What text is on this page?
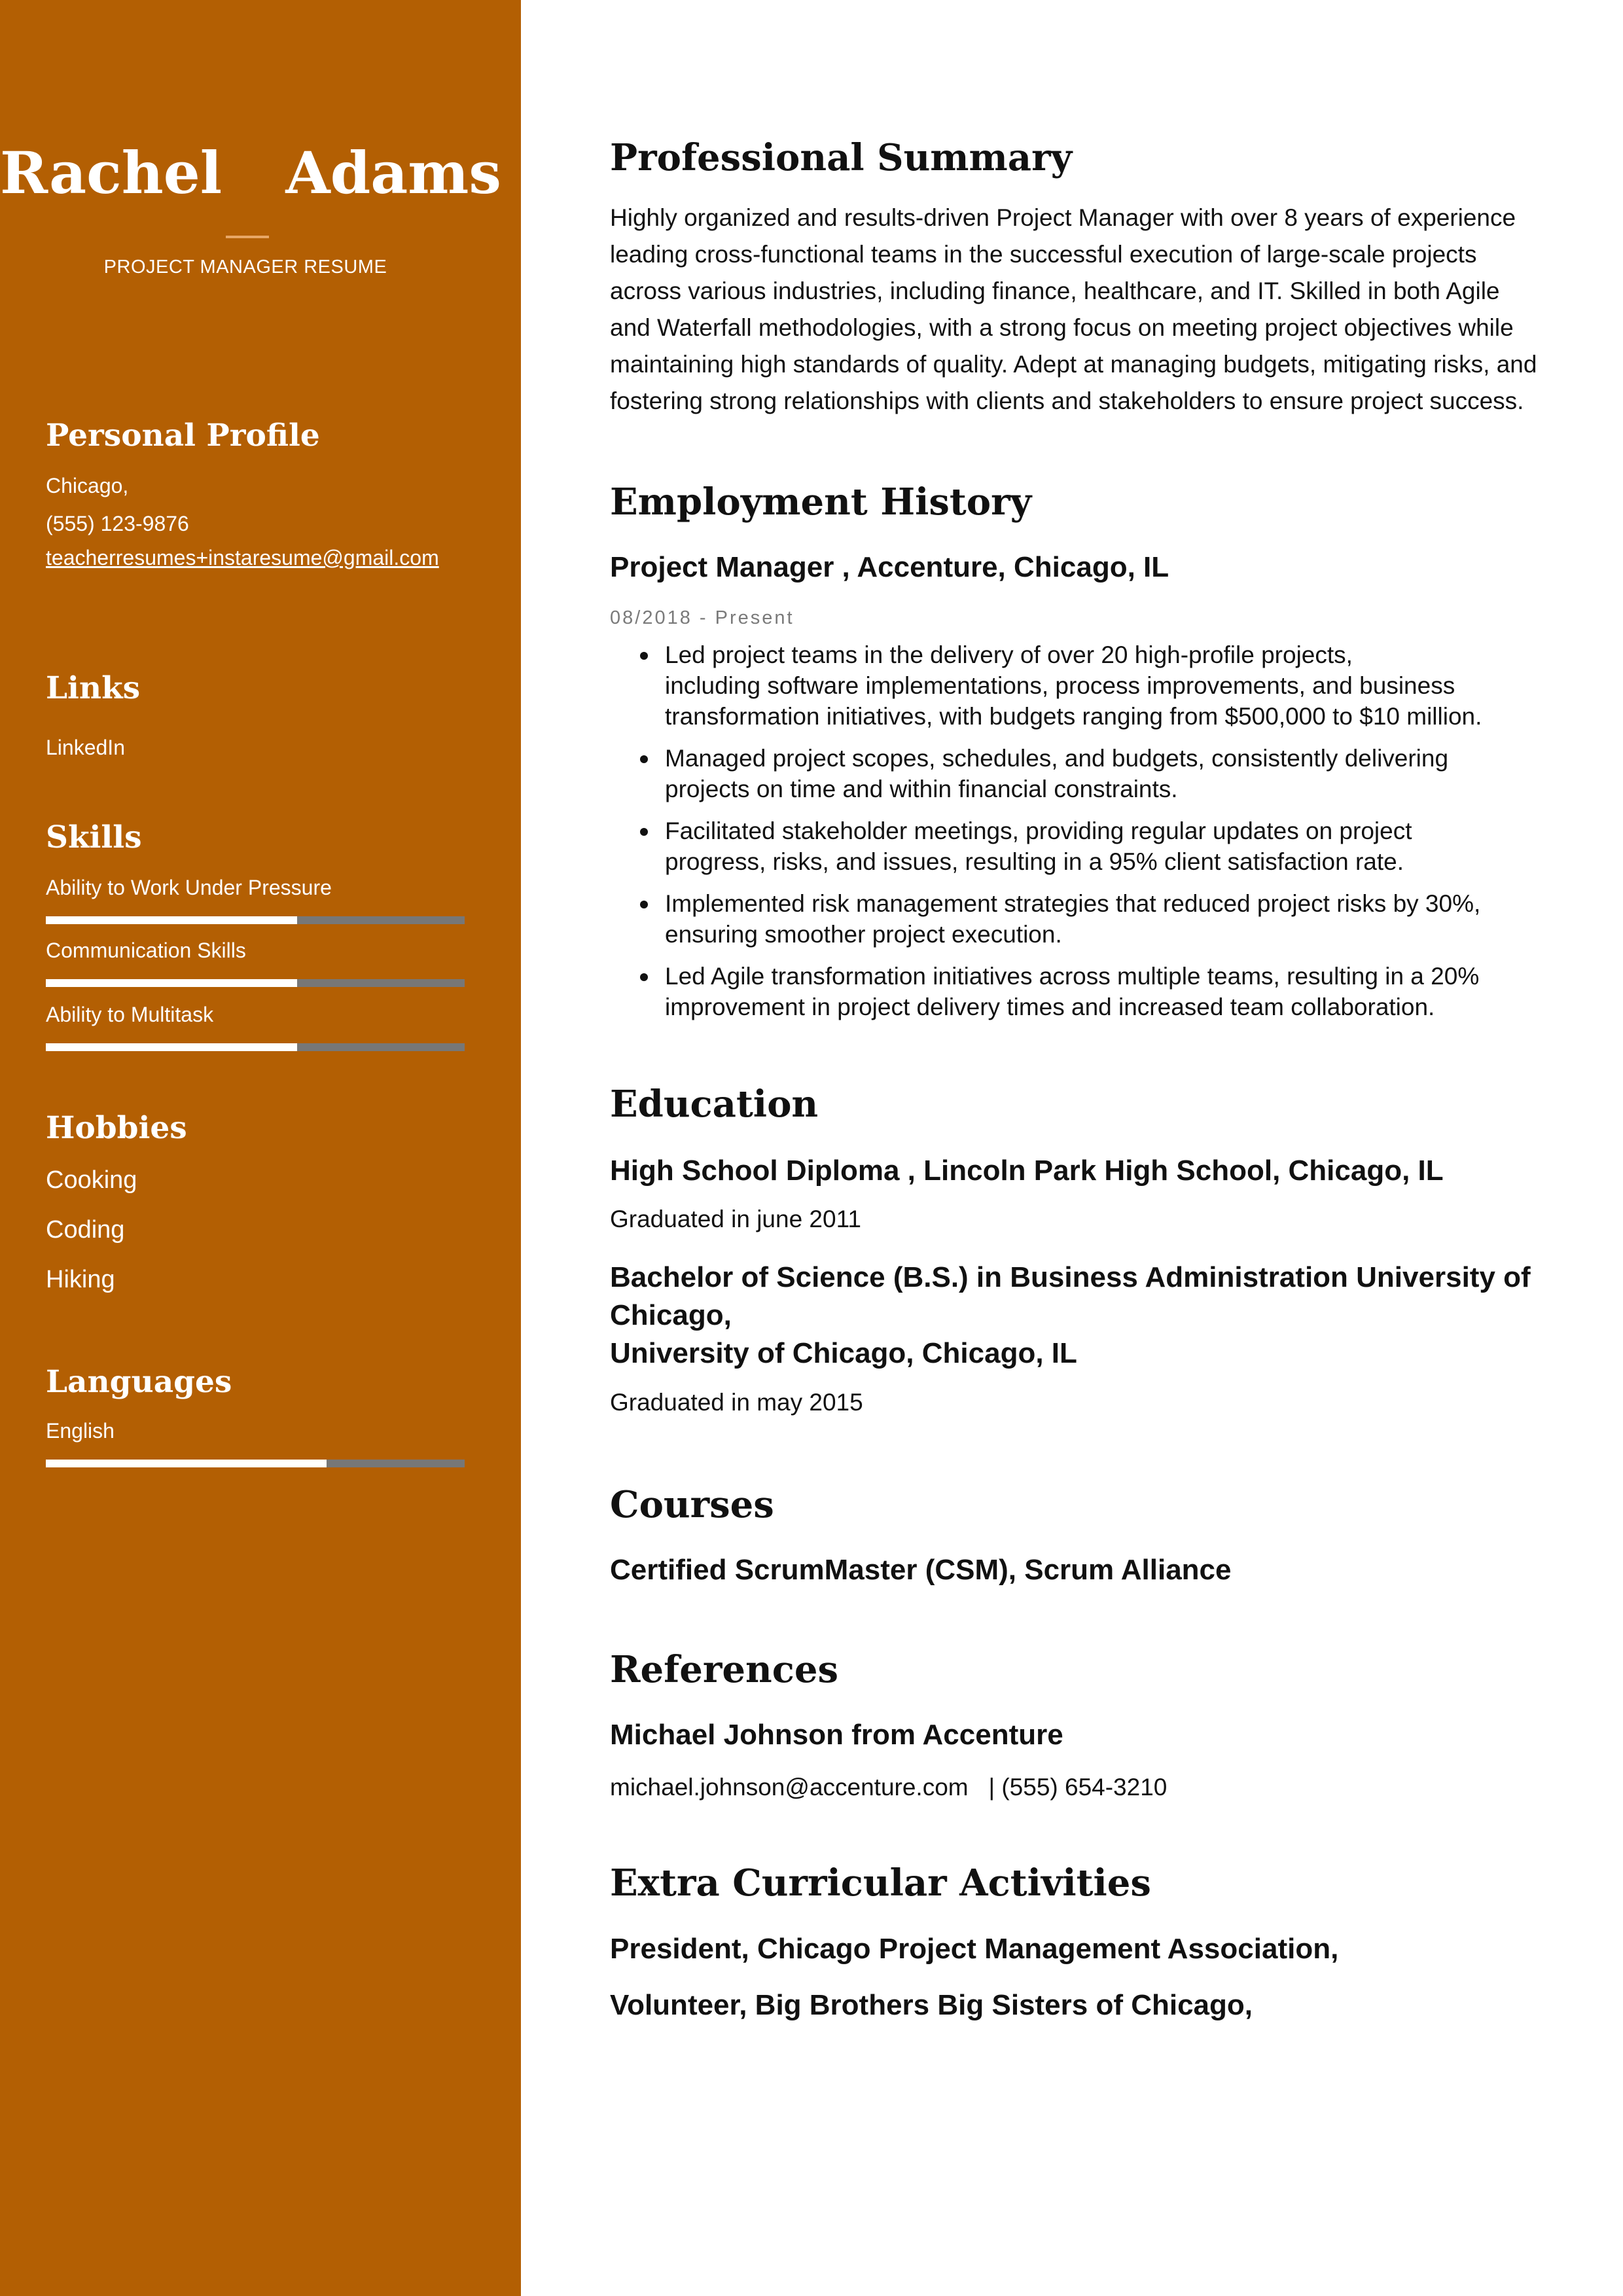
Rachel  Adams
PROJECT MANAGER RESUME
Personal Profile
Chicago,
(555) 123-9876
teacherresumes+instaresume@gmail.com
Links
LinkedIn
Skills
Ability to Work Under Pressure
Communication Skills
Ability to Multitask
Hobbies
Cooking
Coding
Hiking
Languages
English
Professional Summary
Highly organized and results-driven Project Manager with over 8 years of experience
leading cross-functional teams in the successful execution of large-scale projects
across various industries, including finance, healthcare, and IT. Skilled in both Agile
and Waterfall methodologies, with a strong focus on meeting project objectives while
maintaining high standards of quality. Adept at managing budgets, mitigating risks, and
fostering strong relationships with clients and stakeholders to ensure project success.
Employment History
Project Manager , Accenture, Chicago, IL
08/2018 - Present
Led project teams in the delivery of over 20 high-profile projects,
including software implementations, process improvements, and business
transformation initiatives, with budgets ranging from $500,000 to $10 million.
Managed project scopes, schedules, and budgets, consistently delivering
projects on time and within financial constraints.
Facilitated stakeholder meetings, providing regular updates on project
progress, risks, and issues, resulting in a 95% client satisfaction rate.
Implemented risk management strategies that reduced project risks by 30%,
ensuring smoother project execution.
Led Agile transformation initiatives across multiple teams, resulting in a 20%
improvement in project delivery times and increased team collaboration.
Education
High School Diploma , Lincoln Park High School, Chicago, IL
Graduated in june 2011
Bachelor of Science (B.S.) in Business Administration University of
Chicago,
University of Chicago, Chicago, IL
Graduated in may 2015
Courses
Certified ScrumMaster (CSM), Scrum Alliance
References
Michael Johnson from Accenture
michael.johnson@accenture.com   | (555) 654-3210
Extra Curricular Activities
President, Chicago Project Management Association,
Volunteer, Big Brothers Big Sisters of Chicago,
